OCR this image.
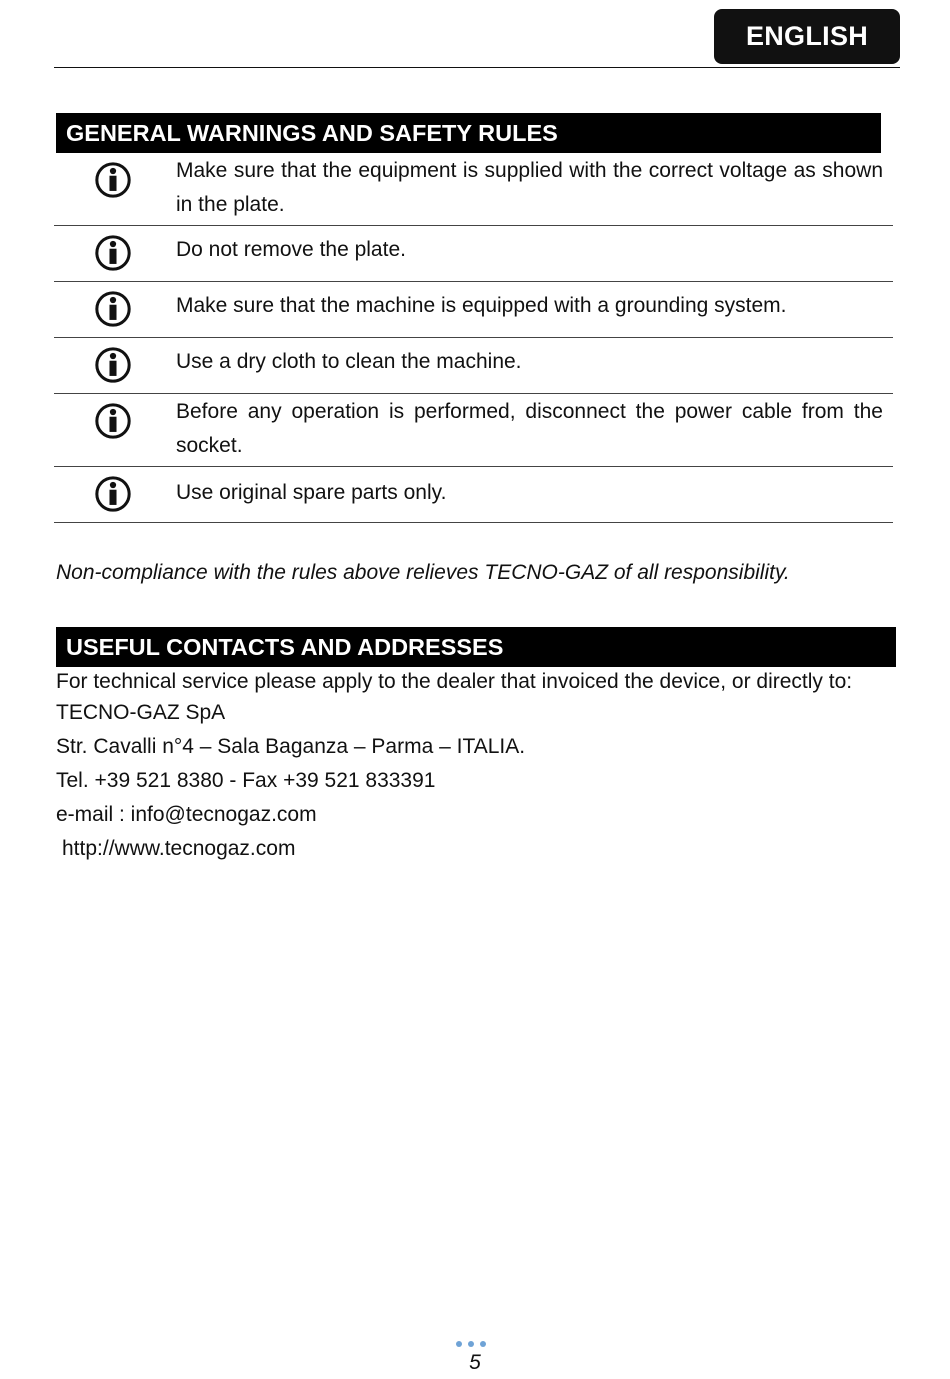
ENGLISH
GENERAL WARNINGS AND SAFETY RULES
Make sure that the equipment is supplied with the correct voltage as shown in the plate.
Do not remove the plate.
Make sure that the machine is equipped with a grounding system.
Use a dry cloth to clean the machine.
Before any operation is performed, disconnect the power cable from the socket.
Use original spare parts only.
Non-compliance with the rules above relieves TECNO-GAZ of all responsibility.
USEFUL CONTACTS AND ADDRESSES
For technical service please apply to the dealer that invoiced the device, or directly to:
TECNO-GAZ SpA
Str. Cavalli n°4 – Sala Baganza – Parma – ITALIA.
Tel. +39 521 8380 - Fax +39 521 833391
e-mail : info@tecnogaz.com
http://www.tecnogaz.com
5
